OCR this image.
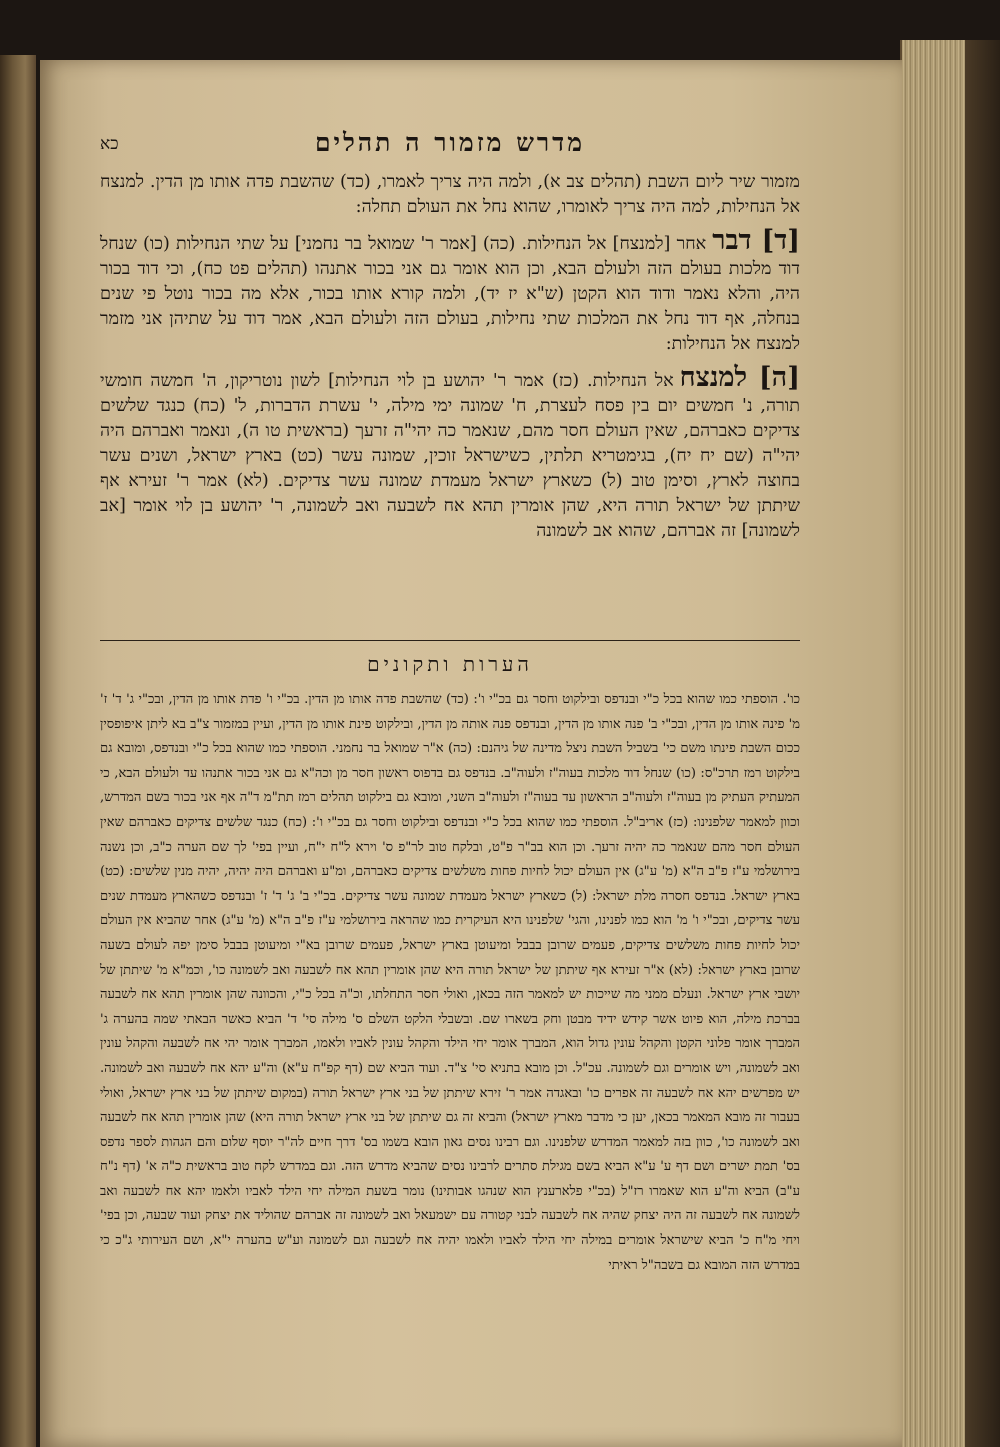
מדרש מזמור ה תהלים
כא

מזמור שיר ליום השבת (תהלים צב א), ולמה היה צריך לאמרו, (כד) שהשבת פדה אותו מן הדין. למנצח אל הנחילות, למה היה צריך לאומרו, שהוא נחל את העולם תחלה:

[ד] דבראחר [למנצח] אל הנחילות. (כה) [אמר ר' שמואל בר נחמני] על שתי הנחילות (כו) שנחל דוד מלכות בעולם הזה ולעולם הבא, וכן הוא אומר גם אני בכור אתנהו (תהלים פט כח), וכי דוד בכור היה, והלא נאמר ודוד הוא הקטן (ש"א יז יד), ולמה קורא אותו בכור, אלא מה בכור נוטל פי שנים בנחלה, אף דוד נחל את המלכות שתי נחילות, בעולם הזה ולעולם הבא, אמר דוד על שתיהן אני מזמר למנצח אל הנחילות:

[ה] למנצחאל הנחילות. (כז) אמר ר' יהושע בן לוי הנחילות] לשון נוטריקון, ה' חמשה חומשי תורה, נ' חמשים יום בין פסח לעצרת, ח' שמונה ימי מילה, י' עשרת הדברות, ל' (כח) כנגד שלשים צדיקים כאברהם, שאין העולם חסר מהם, שנאמר כה יהי"ה זרעך (בראשית טו ה), ונאמר ואברהם היה יהי"ה (שם יח יח), בגימטריא תלתין, כשישראל זוכין, שמונה עשר (כט) בארץ ישראל, ושנים עשר בחוצה לארץ, וסימן טוב (ל) כשארץ ישראל מעמדת שמונה עשר צדיקים. (לא) אמר ר' זעירא אף שיתתן של ישראל תורה היא, שהן אומרין תהא אח לשבעה ואב לשמונה, ר' יהושע בן לוי אומר [אב לשמונה] זה אברהם, שהוא אב לשמונה

הערות ותקונים

כו'. הוספתי כמו שהוא בכל כ"י ובנדפס ובילקוט וחסר גם בכ"י ו': (כד) שהשבת פדה אותו מן הדין. בכ"י ו' פדת אותו מן הדין, ובכ"י ג' ד' ז' מ' פינה אותו מן הדין, ובכ"י ב' פנה אותו מן הדין, ובנדפס פנה אותה מן הדין, ובילקוט פינת אותו מן הדין, ועיין במזמור צ"ב בא ליתן איפופסין ככום השבת פינתו משם כי' בשביל השבת ניצל מדינה של גיהנם: (כה) א"ר שמואל בר נחמני. הוספתי כמו שהוא בכל כ"י ובנדפס, ומובא גם בילקוט רמז תרכ"ס: (כו) שנחל דוד מלכות בעוה"ז ולעוה"ב. בנדפס גם בדפוס ראשון חסר מן וכה"א גם אני בכור אתנהו עד ולעולם הבא, כי המעתיק העתיק מן בעוה"ז ולעוה"ב הראשון עד בעוה"ז ולעוה"ב השני, ומובא גם בילקוט תהלים רמז תת"מ ד"ה אף אני בכור בשם המדרש, וכוון למאמר שלפנינו: (כז) אריב"ל. הוספתי כמו שהוא בכל כ"י ובנדפס ובילקוט וחסר גם בכ"י ו': (כח) כנגד שלשים צדיקים כאברהם שאין העולם חסר מהם שנאמר כה יהיה זרעך. וכן הוא בב"ר פ"ט, ובלקח טוב לר"פ ס' וירא ל"ח י"ח, ועיין בפי' לך שם הערה כ"ב, וכן נשנה בירושלמי ע"ז פ"ב ה"א (מ' ע"ג) אין העולם יכול לחיות פחות משלשים צדיקים כאברהם, ומ"ע ואברהם היה יהיה, יהיה מנין שלשים: (כט) בארץ ישראל. בנדפס חסרה מלת ישראל: (ל) כשארץ ישראל מעמדת שמונה עשר צדיקים. בכ"י ב' ג' ד' ז' ובנדפס כשהארץ מעמדת שנים עשר צדיקים, ובכ"י ו' מ' הוא כמו לפנינו, והגי' שלפנינו היא העיקרית כמו שהראה בירושלמי ע"ז פ"ב ה"א (מ' ע"ג) אחר שהביא אין העולם יכול לחיות פחות משלשים צדיקים, פעמים שרובן בבבל ומיעוטן בארץ ישראל, פעמים שרובן בא"י ומיעוטן בבבל סימן יפה לעולם בשעה שרובן בארץ ישראל: (לא) א"ר זעירא אף שיתתן של ישראל תורה היא שהן אומרין תהא אח לשבעה ואב לשמונה כו', וכמ"א מ' שיתתן של יושבי ארץ ישראל. ונעלם ממני מה שייכות יש למאמר הזה בכאן, ואולי חסר התחלתו, וכ"ה בכל כ"י, והכוונה שהן אומרין תהא אח לשבעה בברכת מילה, הוא פיוט אשר קידש ידיד מבטן וחק בשארו שם. ובשבלי הלקט השלם ס' מילה סי' ד' הביא כאשר הבאתי שמה בהערה ג' המברך אומר פלוני הקטן והקהל עונין גדול הוא, המברך אומר יחי הילד והקהל עונין לאביו ולאמו, המברך אומר יהי אח לשבעה והקהל עונין ואב לשמונה, ויש אומרים וגם לשמונה. עכ"ל. וכן מובא בתניא סי' צ"ד. ועוד הביא שם (דף קפ"ח ע"א) וה"ע יהא אח לשבעה ואב לשמונה. יש מפרשים יהא אח לשבעה זה אפרים כו' ובאגדה אמר ר' זירא שיתתן של בני ארץ ישראל תורה (במקום שיתתן של בני ארץ ישראל, ואולי בעבור זה מובא המאמר בכאן, יען כי מדבר מארץ ישראל) והביא זה גם שיתתן של בני ארץ ישראל תורה היא) שהן אומרין תהא אח לשבעה ואב לשמונה כו', כוון בזה למאמר המדרש שלפנינו. וגם רבינו נסים גאון הובא בשמו בס' דרך חיים לה"ר יוסף שלום והם הגהות לספר נדפס בס' תמת ישרים ושם דף ע' ע"א הביא בשם מגילת סתרים לרבינו נסים שהביא מדרש הזה. וגם במדרש לקח טוב בראשית כ"ה א' (דף נ"ח ע"ב) הביא וה"ע הוא שאמרו רז"ל (בכ"י פלארענץ הוא שנהגו אבותינו) נומר בשעת המילה יחי הילד לאביו ולאמו יהא אח לשבעה ואב לשמונה אח לשבעה זה היה יצחק שהיה אח לשבעה לבני קטורה עם ישמעאל ואב לשמונה זה אברהם שהוליד את יצחק ועוד שבעה, וכן בפי' ויחי מ"ח כ' הביא שישראל אומרים במילה יחי הילד לאביו ולאמו יהיה אח לשבעה וגם לשמונה וע"ש בהערה י"א, ושם העירותי ג"כ כי במדרש הזה המובא גם בשבה"ל ראיתי
